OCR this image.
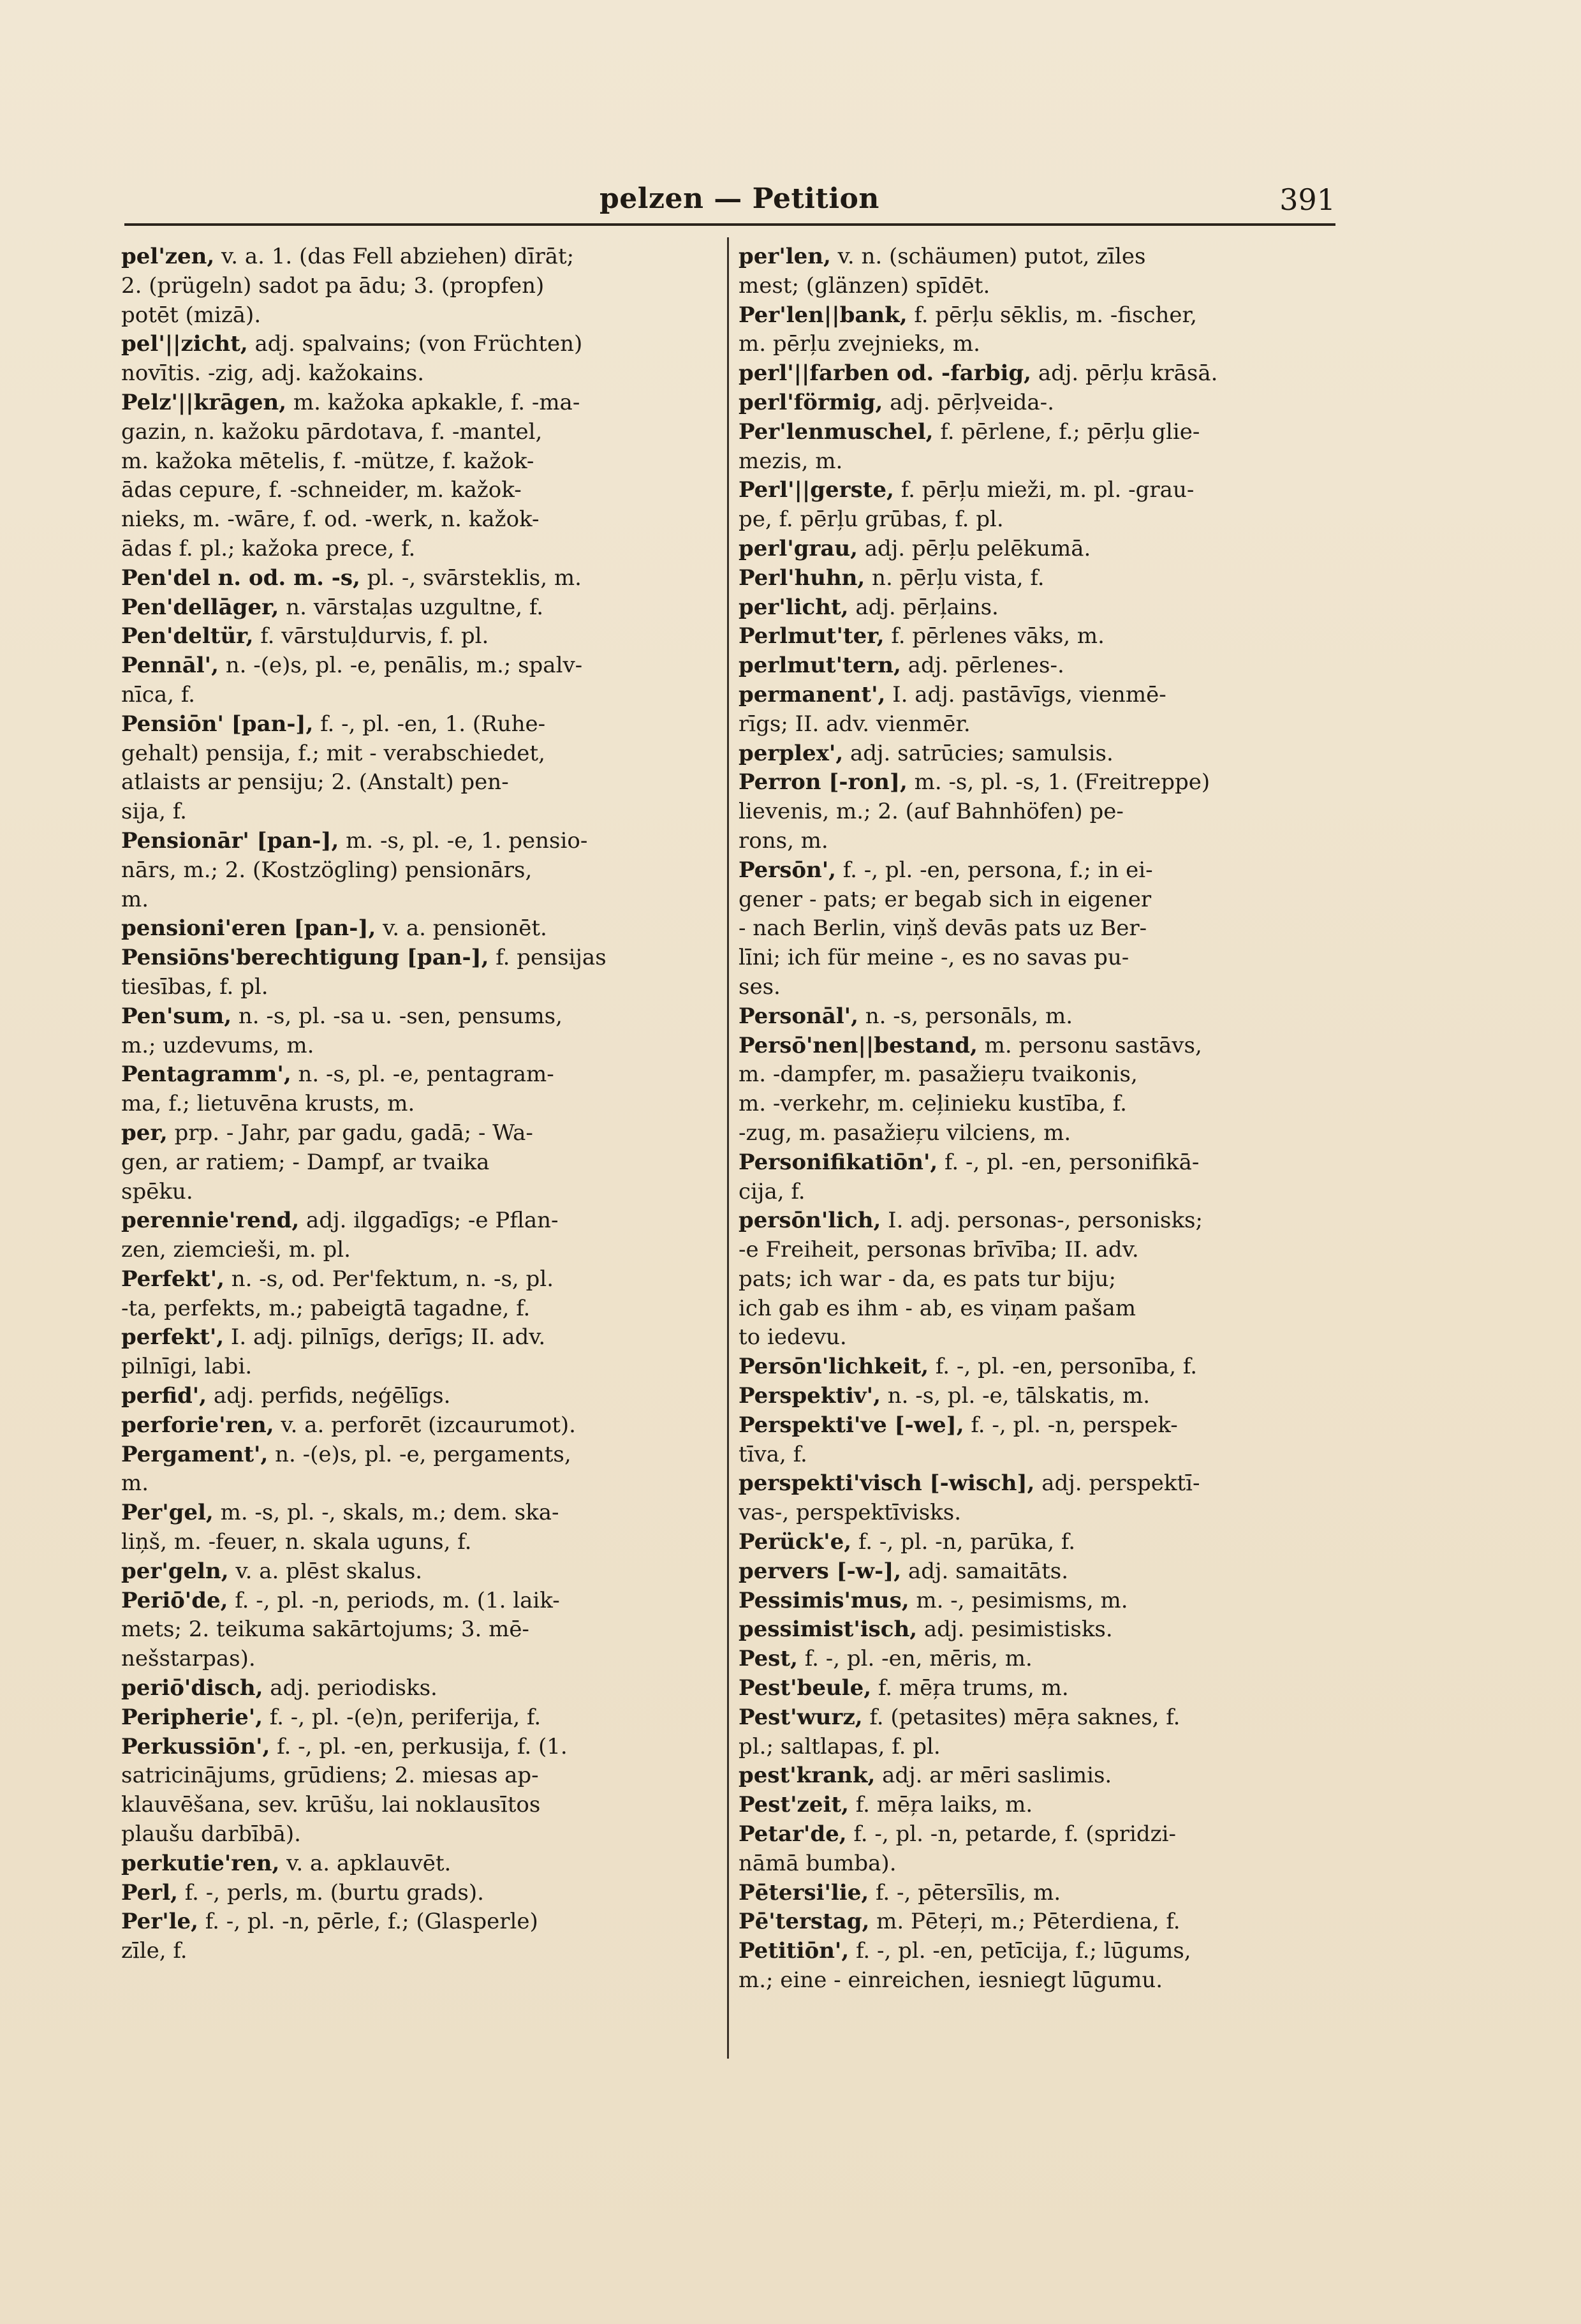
pelzen — Petition	391
pel'zen, v. a. 1. (das Fell abziehen) dīrāt;
2. (prügeln) sadot pa ādu; 3. (propfen)
potēt (mizā).
pel'||zicht, adj. spalvains; (von Früchten)
novītis. -zig, adj. kažokains.
Pelz'||krāgen, m. kažoka apkakle, f. -ma-
gazin, n. kažoku pārdotava, f. -mantel,
m. kažoka mētelis, f. -mütze, f. kažok-
ādas cepure, f. -schneider, m. kažok-
nieks, m. -wāre, f. od. -werk, n. kažok-
ādas f. pl.; kažoka prece, f.
Pen'del n. od. m. -s, pl. -, svārsteklis, m.
Pen'dellāger, n. vārstaļas uzgultne, f.
Pen'deltür, f. vārstuļdurvis, f. pl.
Pennāl', n. -(e)s, pl. -e, penālis, m.; spalv-
nīca, f.
Pensiōn' [pan-], f. -, pl. -en, 1. (Ruhe-
gehalt) pensija, f.; mit - verabschiedet,
atlaists ar pensiju; 2. (Anstalt) pen-
sija, f.
Pensionār' [pan-], m. -s, pl. -e, 1. pensio-
nārs, m.; 2. (Kostzögling) pensionārs,
m.
pensioni'eren [pan-], v. a. pensionēt.
Pensiōns'berechtigung [pan-], f. pensijas
tiesības, f. pl.
Pen'sum, n. -s, pl. -sa u. -sen, pensums,
m.; uzdevums, m.
Pentagramm', n. -s, pl. -e, pentagram-
ma, f.; lietuvēna krusts, m.
per, prp. - Jahr, par gadu, gadā; - Wa-
gen, ar ratiem; - Dampf, ar tvaika
spēku.
perennie'rend, adj. ilggadīgs; -e Pflan-
zen, ziemcieši, m. pl.
Perfekt', n. -s, od. Per'fektum, n. -s, pl.
-ta, perfekts, m.; pabeigtā tagadne, f.
perfekt', I. adj. pilnīgs, derīgs; II. adv.
pilnīgi, labi.
perfid', adj. perfids, neģēlīgs.
perforie'ren, v. a. perforēt (izcaurumot).
Pergament', n. -(e)s, pl. -e, pergaments,
m.
Per'gel, m. -s, pl. -, skals, m.; dem. ska-
liņš, m. -feuer, n. skala uguns, f.
per'geln, v. a. plēst skalus.
Periō'de, f. -, pl. -n, periods, m. (1. laik-
mets; 2. teikuma sakārtojums; 3. mē-
nešstarpas).
periō'disch, adj. periodisks.
Peripherie', f. -, pl. -(e)n, periferija, f.
Perkussiōn', f. -, pl. -en, perkusija, f. (1.
satricinājums, grūdiens; 2. miesas ap-
klauvēšana, sev. krūšu, lai noklausītos
plaušu darbībā).
perkutie'ren, v. a. apklauvēt.
Perl, f. -, perls, m. (burtu grads).
Per'le, f. -, pl. -n, pērle, f.; (Glasperle)
zīle, f.
per'len, v. n. (schäumen) putot, zīles
mest; (glänzen) spīdēt.
Per'len||bank, f. pērļu sēklis, m. -fischer,
m. pērļu zvejnieks, m.
perl'||farben od. -farbig, adj. pērļu krāsā.
perl'förmig, adj. pērļveida-.
Per'lenmuschel, f. pērlene, f.; pērļu glie-
mezis, m.
Perl'||gerste, f. pērļu mieži, m. pl. -grau-
pe, f. pērļu grūbas, f. pl.
perl'grau, adj. pērļu pelēkumā.
Perl'huhn, n. pērļu vista, f.
per'licht, adj. pērļains.
Perlmut'ter, f. pērlenes vāks, m.
perlmut'tern, adj. pērlenes-.
permanent', I. adj. pastāvīgs, vienmē-
rīgs; II. adv. vienmēr.
perplex', adj. satrūcies; samulsis.
Perron [-ron], m. -s, pl. -s, 1. (Freitreppe)
lievenis, m.; 2. (auf Bahnhöfen) pe-
rons, m.
Persōn', f. -, pl. -en, persona, f.; in ei-
gener - pats; er begab sich in eigener
- nach Berlin, viņš devās pats uz Ber-
līni; ich für meine -, es no savas pu-
ses.
Personāl', n. -s, personāls, m.
Persō'nen||bestand, m. personu sastāvs,
m. -dampfer, m. pasažieŗu tvaikonis,
m. -verkehr, m. ceļinieku kustība, f.
-zug, m. pasažieŗu vilciens, m.
Personifikatiōn', f. -, pl. -en, personifikā-
cija, f.
persōn'lich, I. adj. personas-, personisks;
-e Freiheit, personas brīvība; II. adv.
pats; ich war - da, es pats tur biju;
ich gab es ihm - ab, es viņam pašam
to iedevu.
Persōn'lichkeit, f. -, pl. -en, personība, f.
Perspektiv', n. -s, pl. -e, tālskatis, m.
Perspekti've [-we], f. -, pl. -n, perspek-
tīva, f.
perspekti'visch [-wisch], adj. perspektī-
vas-, perspektīvisks.
Perück'e, f. -, pl. -n, parūka, f.
pervers [-w-], adj. samaitāts.
Pessimis'mus, m. -, pesimisms, m.
pessimist'isch, adj. pesimistisks.
Pest, f. -, pl. -en, mēris, m.
Pest'beule, f. mēŗa trums, m.
Pest'wurz, f. (petasites) mēŗa saknes, f.
pl.; saltlapas, f. pl.
pest'krank, adj. ar mēri saslimis.
Pest'zeit, f. mēŗa laiks, m.
Petar'de, f. -, pl. -n, petarde, f. (spridzi-
nāmā bumba).
Pētersi'lie, f. -, pētersīlis, m.
Pē'terstag, m. Pēteŗi, m.; Pēterdiena, f.
Petitiōn', f. -, pl. -en, petīcija, f.; lūgums,
m.; eine - einreichen, iesniegt lūgumu.
